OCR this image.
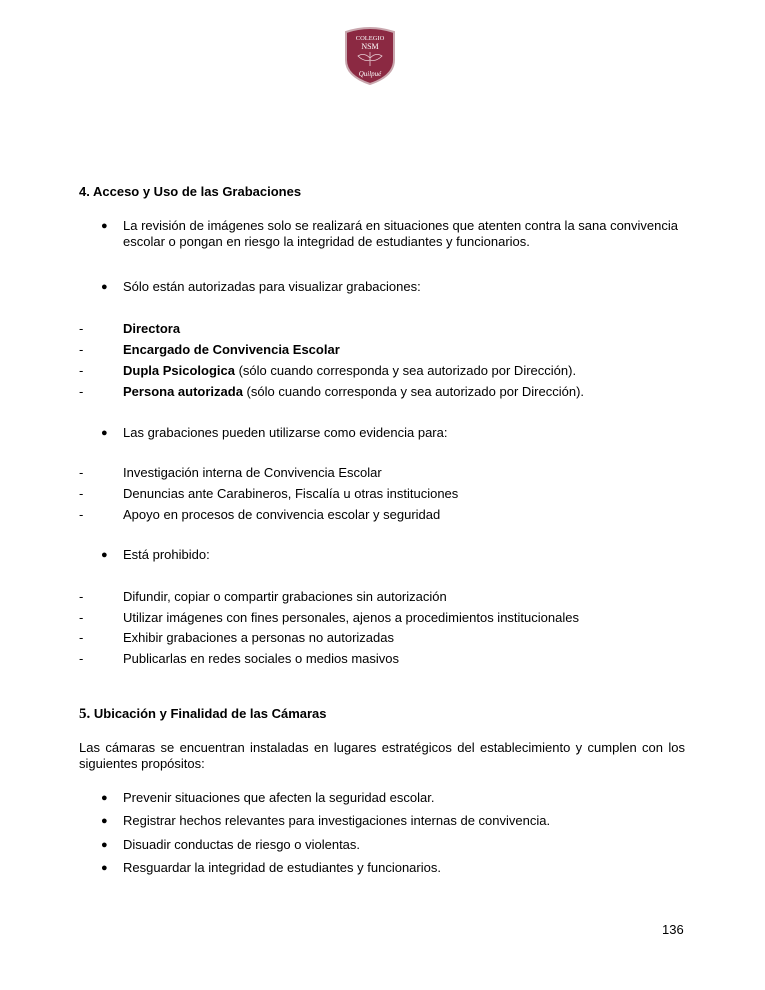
COLEGIO
NSM
Quilpué
4. Acceso y Uso de las Grabaciones
● La revisión de imágenes solo se realizará en situaciones que atenten contra la sana convivencia escolar o pongan en riesgo la integridad de estudiantes y funcionarios.
● Sólo están autorizadas para visualizar grabaciones:
-	Directora
-	Encargado de Convivencia Escolar
-	Dupla Psicologica (sólo cuando corresponda y sea autorizado por Dirección).
-	Persona autorizada (sólo cuando corresponda y sea autorizado por Dirección).
● Las grabaciones pueden utilizarse como evidencia para:
-	Investigación interna de Convivencia Escolar
-	Denuncias ante Carabineros, Fiscalía u otras instituciones
-	Apoyo en procesos de convivencia escolar y seguridad
● Está prohibido:
-	Difundir, copiar o compartir grabaciones sin autorización
-	Utilizar imágenes con fines personales, ajenos a procedimientos institucionales
-	Exhibir grabaciones a personas no autorizadas
-	Publicarlas en redes sociales o medios masivos
5. Ubicación y Finalidad de las Cámaras
Las cámaras se encuentran instaladas en lugares estratégicos del establecimiento y cumplen con los siguientes propósitos:
● Prevenir situaciones que afecten la seguridad escolar.
● Registrar hechos relevantes para investigaciones internas de convivencia.
● Disuadir conductas de riesgo o violentas.
● Resguardar la integridad de estudiantes y funcionarios.
136
